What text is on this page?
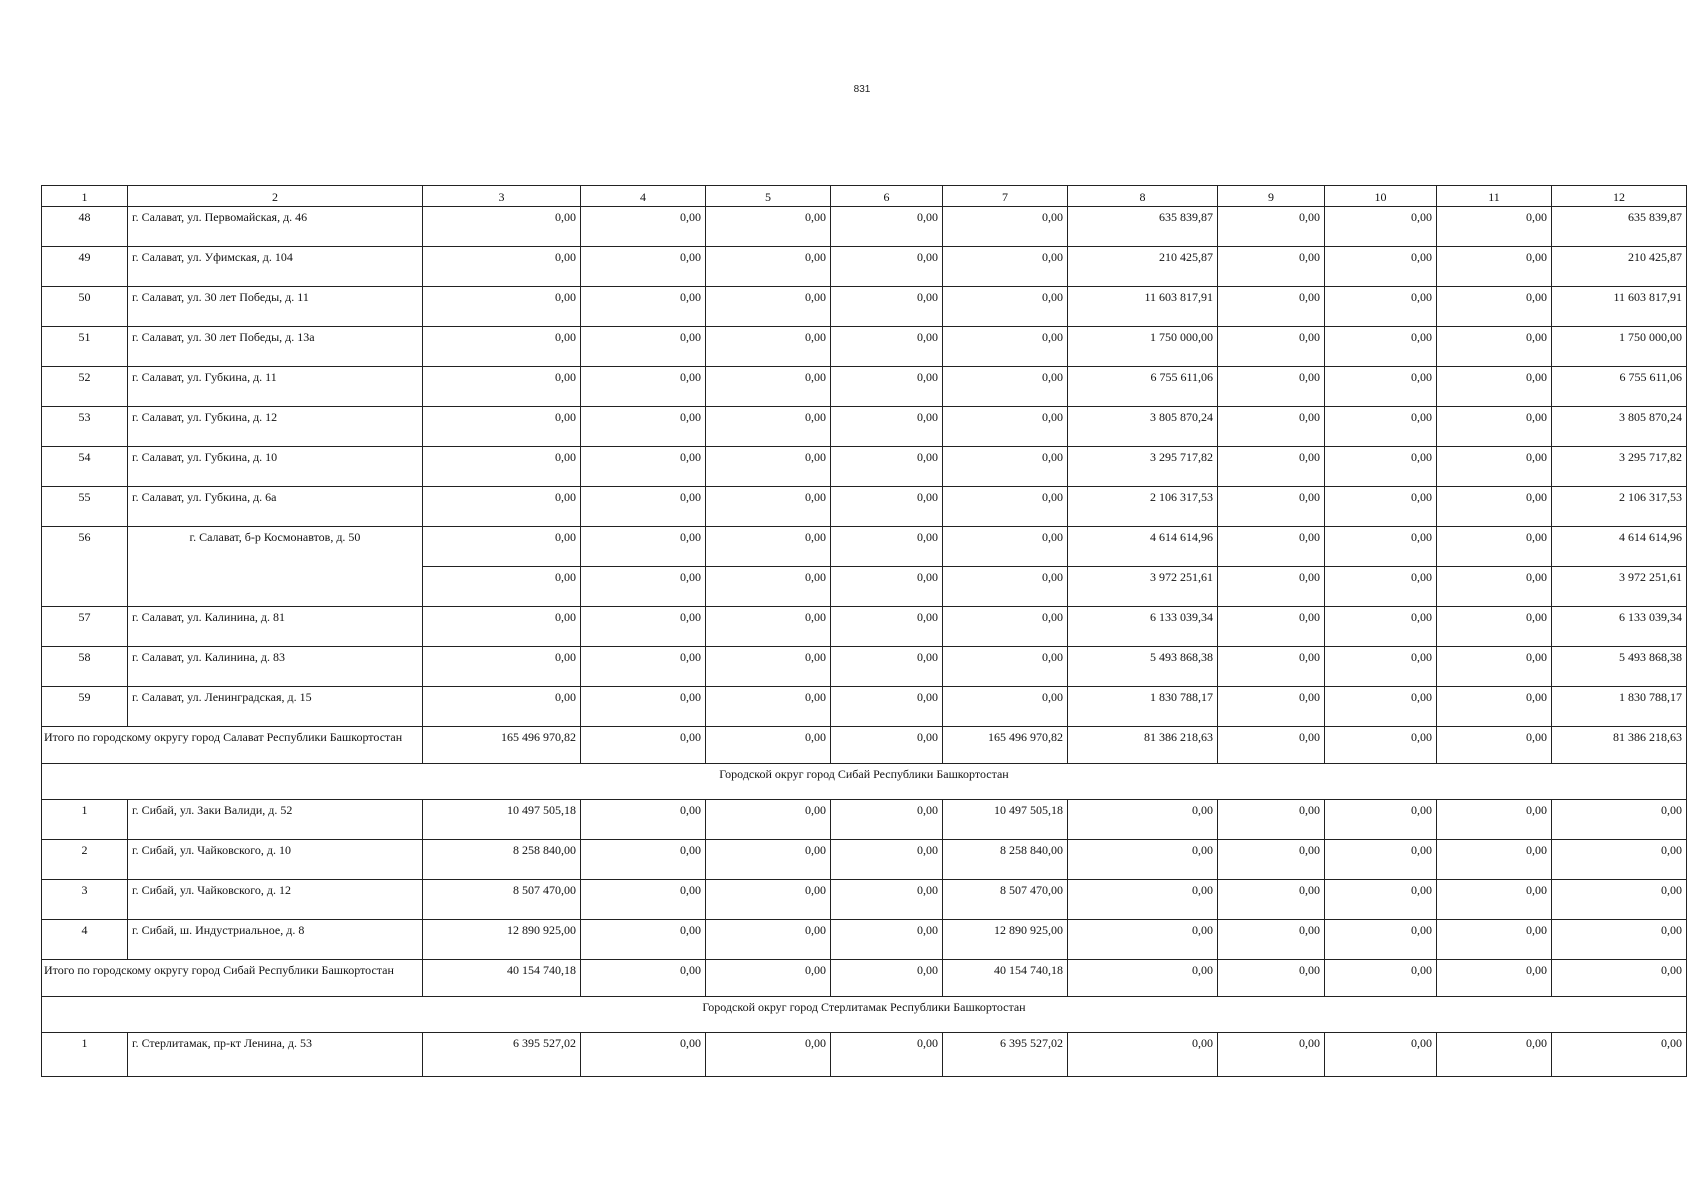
831
1	2	3	4	5	6	7	8	9	10	11	12
48	г. Салават, ул. Первомайская, д. 46	0,00	0,00	0,00	0,00	0,00	635 839,87	0,00	0,00	0,00	635 839,87
49	г. Салават, ул. Уфимская, д. 104	0,00	0,00	0,00	0,00	0,00	210 425,87	0,00	0,00	0,00	210 425,87
50	г. Салават, ул. 30 лет Победы, д. 11	0,00	0,00	0,00	0,00	0,00	11 603 817,91	0,00	0,00	0,00	11 603 817,91
51	г. Салават, ул. 30 лет Победы, д. 13а	0,00	0,00	0,00	0,00	0,00	1 750 000,00	0,00	0,00	0,00	1 750 000,00
52	г. Салават, ул. Губкина, д. 11	0,00	0,00	0,00	0,00	0,00	6 755 611,06	0,00	0,00	0,00	6 755 611,06
53	г. Салават, ул. Губкина, д. 12	0,00	0,00	0,00	0,00	0,00	3 805 870,24	0,00	0,00	0,00	3 805 870,24
54	г. Салават, ул. Губкина, д. 10	0,00	0,00	0,00	0,00	0,00	3 295 717,82	0,00	0,00	0,00	3 295 717,82
55	г. Салават, ул. Губкина, д. 6а	0,00	0,00	0,00	0,00	0,00	2 106 317,53	0,00	0,00	0,00	2 106 317,53
56	г. Салават, б-р Космонавтов, д. 50	0,00	0,00	0,00	0,00	0,00	4 614 614,96	0,00	0,00	0,00	4 614 614,96
		0,00	0,00	0,00	0,00	0,00	3 972 251,61	0,00	0,00	0,00	3 972 251,61
57	г. Салават, ул. Калинина, д. 81	0,00	0,00	0,00	0,00	0,00	6 133 039,34	0,00	0,00	0,00	6 133 039,34
58	г. Салават, ул. Калинина, д. 83	0,00	0,00	0,00	0,00	0,00	5 493 868,38	0,00	0,00	0,00	5 493 868,38
59	г. Салават, ул. Ленинградская, д. 15	0,00	0,00	0,00	0,00	0,00	1 830 788,17	0,00	0,00	0,00	1 830 788,17
Итого по городскому округу город Салават Республики Башкортостан		165 496 970,82	0,00	0,00	0,00	165 496 970,82	81 386 218,63	0,00	0,00	0,00	81 386 218,63
Городской округ город Сибай Республики Башкортостан											
1	г. Сибай, ул. Заки Валиди, д. 52	10 497 505,18	0,00	0,00	0,00	10 497 505,18	0,00	0,00	0,00	0,00	0,00
2	г. Сибай, ул. Чайковского, д. 10	8 258 840,00	0,00	0,00	0,00	8 258 840,00	0,00	0,00	0,00	0,00	0,00
3	г. Сибай, ул. Чайковского, д. 12	8 507 470,00	0,00	0,00	0,00	8 507 470,00	0,00	0,00	0,00	0,00	0,00
4	г. Сибай, ш. Индустриальное, д. 8	12 890 925,00	0,00	0,00	0,00	12 890 925,00	0,00	0,00	0,00	0,00	0,00
Итого по городскому округу город Сибай Республики Башкортостан		40 154 740,18	0,00	0,00	0,00	40 154 740,18	0,00	0,00	0,00	0,00	0,00
Городской округ город Стерлитамак Республики Башкортостан											
1	г. Стерлитамак, пр-кт Ленина, д. 53	6 395 527,02	0,00	0,00	0,00	6 395 527,02	0,00	0,00	0,00	0,00	0,00
